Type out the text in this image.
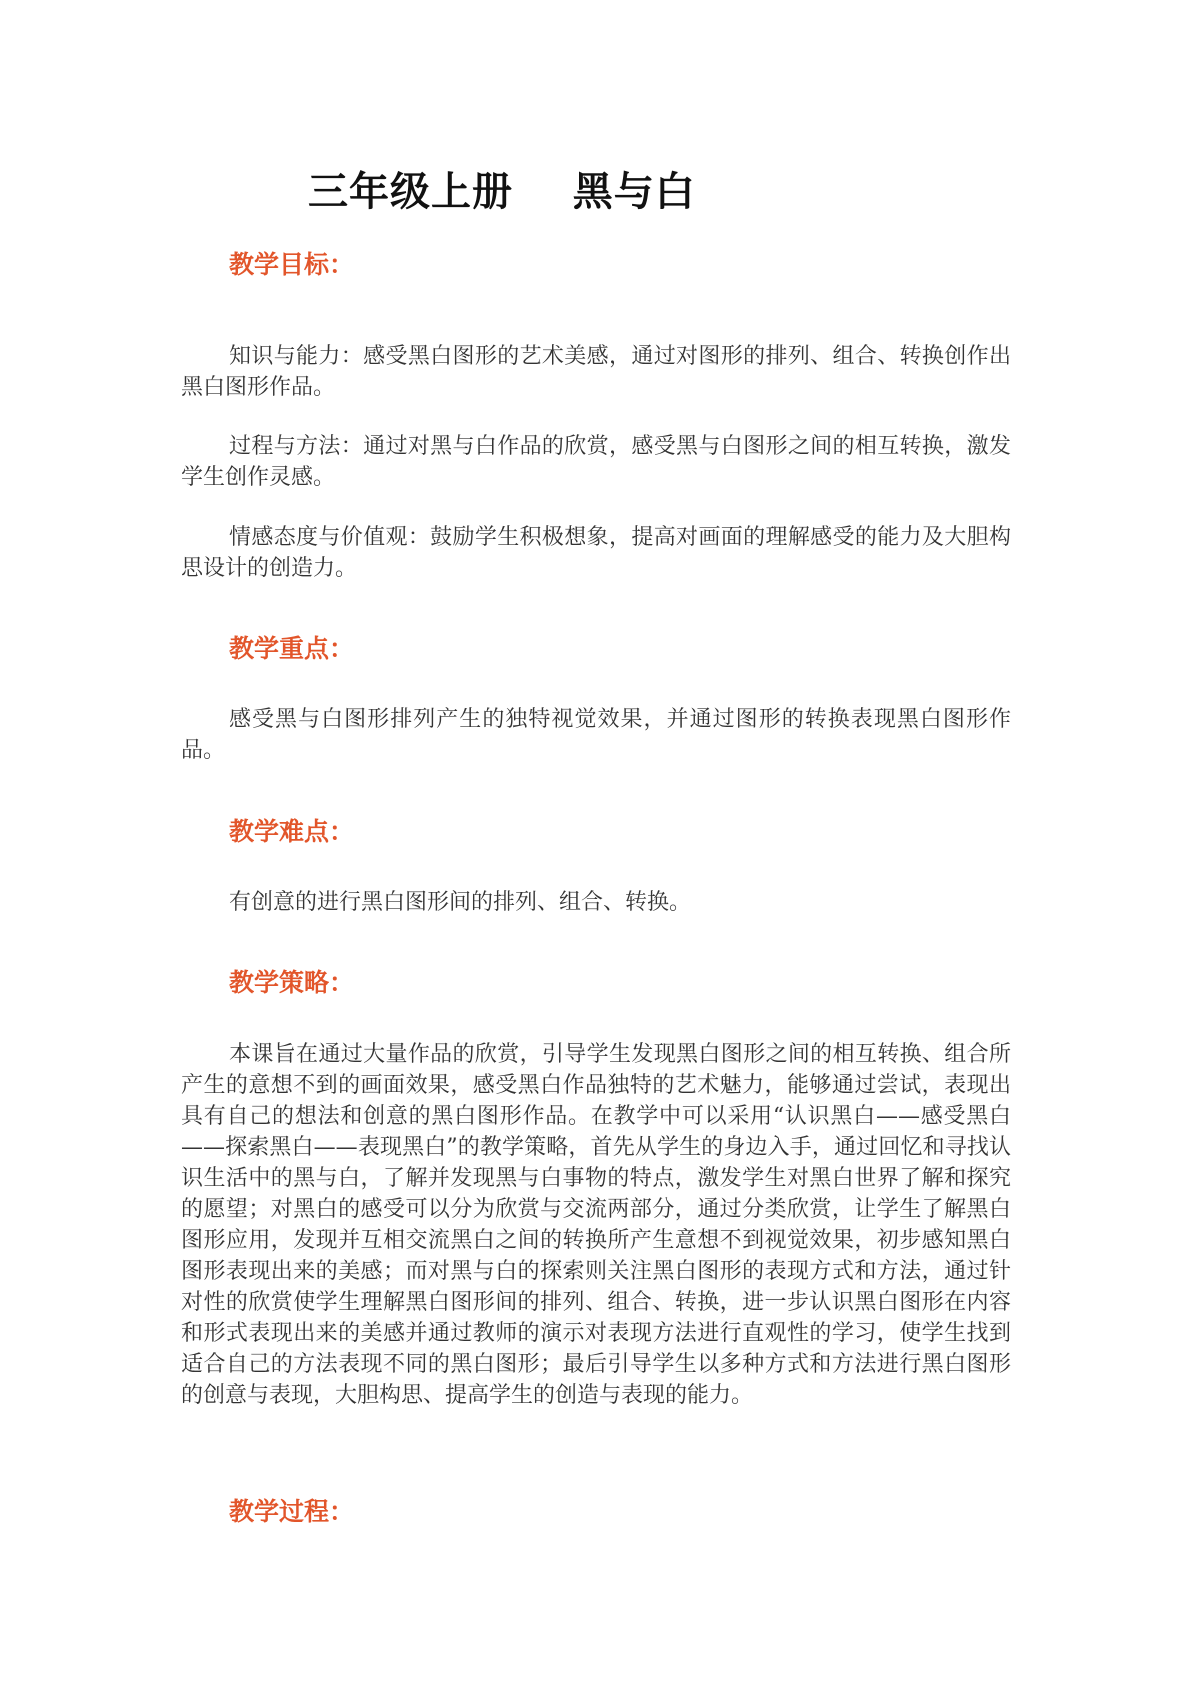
三年级上册    黑与白
教学目标：

知识与能力：感受黑白图形的艺术美感，通过对图形的排列、组合、转换创作出黑白图形作品。

过程与方法：通过对黑与白作品的欣赏，感受黑与白图形之间的相互转换，激发学生创作灵感。

情感态度与价值观：鼓励学生积极想象，提高对画面的理解感受的能力及大胆构思设计的创造力。

教学重点：

感受黑与白图形排列产生的独特视觉效果，并通过图形的转换表现黑白图形作品。

教学难点：

有创意的进行黑白图形间的排列、组合、转换。

教学策略：

本课旨在通过大量作品的欣赏，引导学生发现黑白图形之间的相互转换、组合所产生的意想不到的画面效果，感受黑白作品独特的艺术魅力，能够通过尝试，表现出具有自己的想法和创意的黑白图形作品。在教学中可以采用“认识黑白——感受黑白——探索黑白——表现黑白”的教学策略，首先从学生的身边入手，通过回忆和寻找认识生活中的黑与白，了解并发现黑与白事物的特点，激发学生对黑白世界了解和探究的愿望；对黑白的感受可以分为欣赏与交流两部分，通过分类欣赏，让学生了解黑白图形应用，发现并互相交流黑白之间的转换所产生意想不到视觉效果，初步感知黑白图形表现出来的美感；而对黑与白的探索则关注黑白图形的表现方式和方法，通过针对性的欣赏使学生理解黑白图形间的排列、组合、转换，进一步认识黑白图形在内容和形式表现出来的美感并通过教师的演示对表现方法进行直观性的学习，使学生找到适合自己的方法表现不同的黑白图形；最后引导学生以多种方式和方法进行黑白图形的创意与表现，大胆构思、提高学生的创造与表现的能力。

教学过程：
